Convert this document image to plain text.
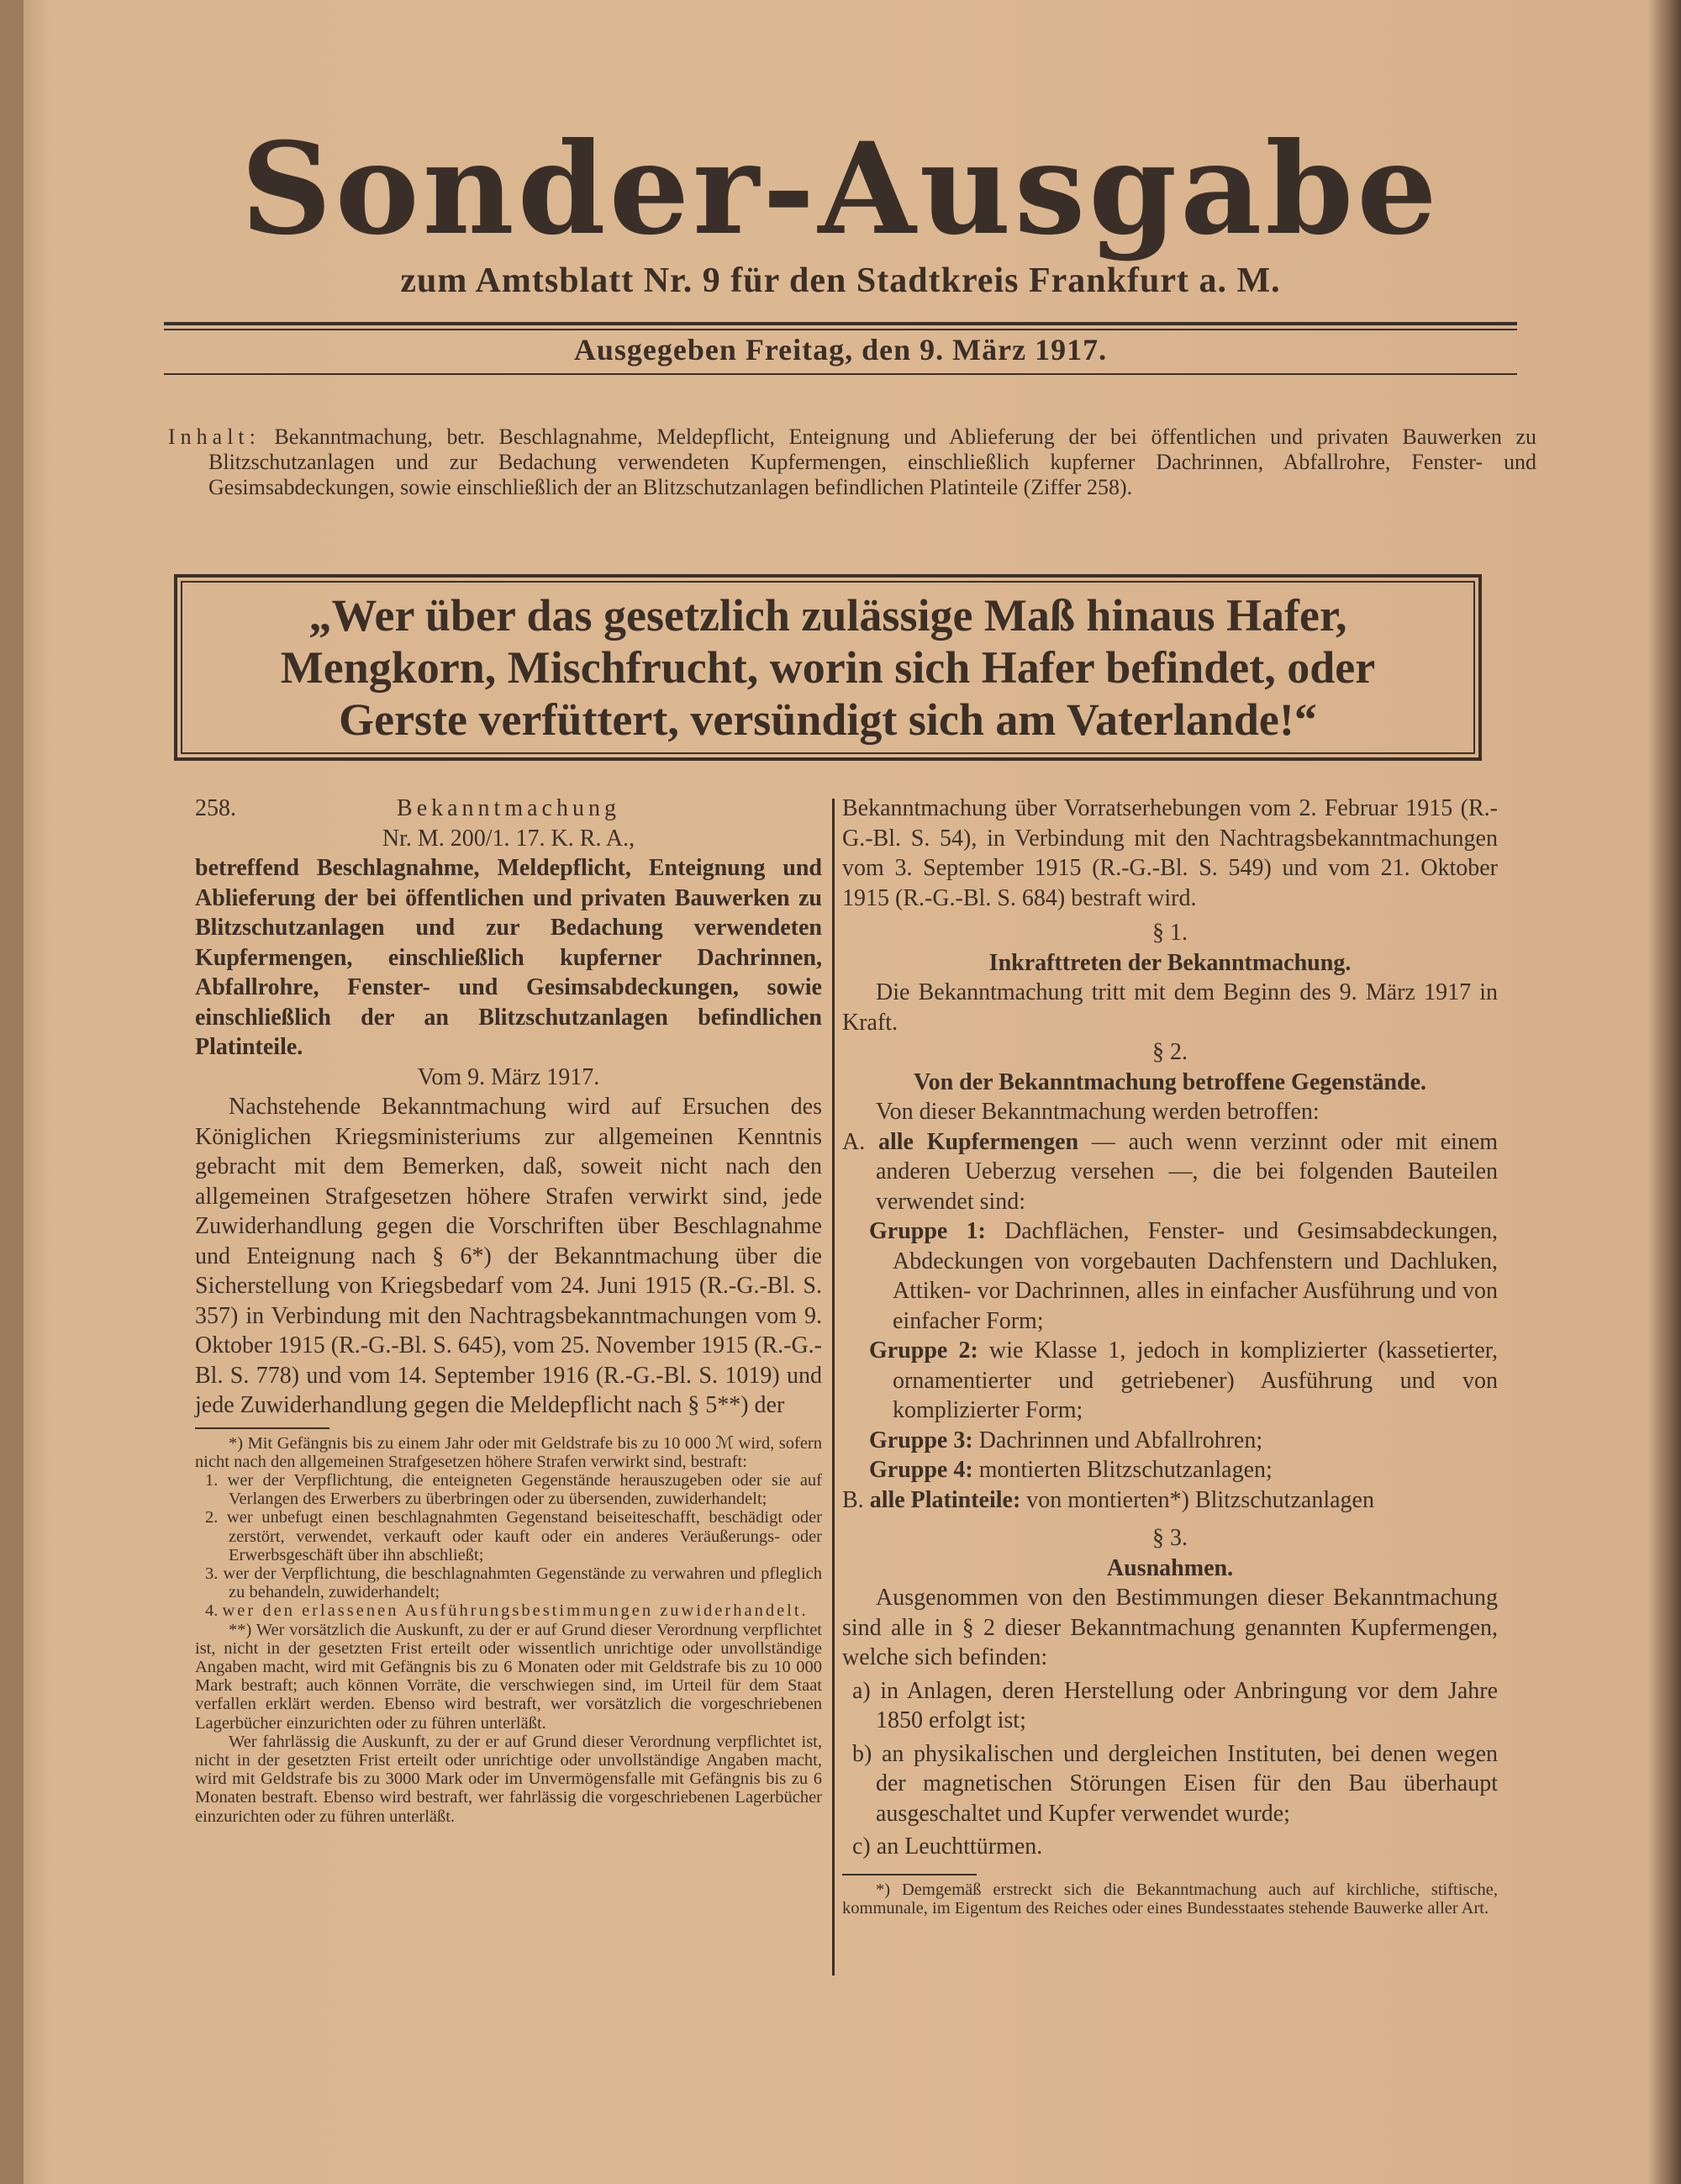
Sonder-Ausgabe
zum Amtsblatt Nr. 9 für den Stadtkreis Frankfurt a. M.
Ausgegeben Freitag, den 9. März 1917.
Inhalt: Bekanntmachung, betr. Beschlagnahme, Meldepflicht, Enteignung und Ablieferung der bei öffentlichen und privaten Bauwerken zu Blitzschutzanlagen und zur Bedachung verwendeten Kupfermengen, einschließlich kupferner Dachrinnen, Abfallrohre, Fenster- und Gesimsabdeckungen, sowie einschließlich der an Blitzschutzanlagen befindlichen Platinteile (Ziffer 258).
„Wer über das gesetzlich zulässige Maß hinaus Hafer,
Mengkorn, Mischfrucht, worin sich Hafer befindet, oder
Gerste verfüttert, versündigt sich am Vaterlande!“
258.	Bekanntmachung

Nr. M. 200/1. 17. K. R. A.,

betreffend Beschlagnahme, Meldepflicht, Enteignung und Ablieferung der bei öffentlichen und privaten Bauwerken zu Blitzschutzanlagen und zur Bedachung verwendeten Kupfermengen, einschließlich kupferner Dachrinnen, Abfallrohre, Fenster- und Gesimsabdeckungen, sowie einschließlich der an Blitzschutzanlagen befindlichen Platinteile.

Vom 9. März 1917.

Nachstehende Bekanntmachung wird auf Ersuchen des Königlichen Kriegsministeriums zur allgemeinen Kenntnis gebracht mit dem Bemerken, daß, soweit nicht nach den allgemeinen Strafgesetzen höhere Strafen verwirkt sind, jede Zuwiderhandlung gegen die Vorschriften über Beschlagnahme und Enteignung nach § 6*) der Bekanntmachung über die Sicherstellung von Kriegsbedarf vom 24. Juni 1915 (R.-G.-Bl. S. 357) in Verbindung mit den Nachtragsbekanntmachungen vom 9. Oktober 1915 (R.-G.-Bl. S. 645), vom 25. November 1915 (R.-G.-Bl. S. 778) und vom 14. September 1916 (R.-G.-Bl. S. 1019) und jede Zuwiderhandlung gegen die Meldepflicht nach § 5**) der

*) Mit Gefängnis bis zu einem Jahr oder mit Geldstrafe bis zu 10 000 ℳ wird, sofern nicht nach den allgemeinen Strafgesetzen höhere Strafen verwirkt sind, bestraft:

1. wer der Verpflichtung, die enteigneten Gegenstände herauszugeben oder sie auf Verlangen des Erwerbers zu überbringen oder zu übersenden, zuwiderhandelt;

2. wer unbefugt einen beschlagnahmten Gegenstand beiseiteschafft, beschädigt oder zerstört, verwendet, verkauft oder kauft oder ein anderes Veräußerungs- oder Erwerbsgeschäft über ihn abschließt;

3. wer der Verpflichtung, die beschlagnahmten Gegenstände zu verwahren und pfleglich zu behandeln, zuwiderhandelt;

4. wer den erlassenen Ausführungsbestimmungen zuwiderhandelt.

**) Wer vorsätzlich die Auskunft, zu der er auf Grund dieser Verordnung verpflichtet ist, nicht in der gesetzten Frist erteilt oder wissentlich unrichtige oder unvollständige Angaben macht, wird mit Gefängnis bis zu 6 Monaten oder mit Geldstrafe bis zu 10 000 Mark bestraft; auch können Vorräte, die verschwiegen sind, im Urteil für dem Staat verfallen erklärt werden. Ebenso wird bestraft, wer vorsätzlich die vorgeschriebenen Lagerbücher einzurichten oder zu führen unterläßt.

Wer fahrlässig die Auskunft, zu der er auf Grund dieser Verordnung verpflichtet ist, nicht in der gesetzten Frist erteilt oder unrichtige oder unvollständige Angaben macht, wird mit Geldstrafe bis zu 3000 Mark oder im Unvermögensfalle mit Gefängnis bis zu 6 Monaten bestraft. Ebenso wird bestraft, wer fahrlässig die vorgeschriebenen Lagerbücher einzurichten oder zu führen unterläßt.

Bekanntmachung über Vorratserhebungen vom 2. Februar 1915 (R.-G.-Bl. S. 54), in Verbindung mit den Nachtragsbekanntmachungen vom 3. September 1915 (R.-G.-Bl. S. 549) und vom 21. Oktober 1915 (R.-G.-Bl. S. 684) bestraft wird.

§ 1.

Inkrafttreten der Bekanntmachung.

Die Bekanntmachung tritt mit dem Beginn des 9. März 1917 in Kraft.

§ 2.

Von der Bekanntmachung betroffene Gegenstände.

Von dieser Bekanntmachung werden betroffen:

A. alle Kupfermengen — auch wenn verzinnt oder mit einem anderen Ueberzug versehen —, die bei folgenden Bauteilen verwendet sind:

Gruppe 1: Dachflächen, Fenster- und Gesimsabdeckungen, Abdeckungen von vorgebauten Dachfenstern und Dachluken, Attiken- vor Dachrinnen, alles in einfacher Ausführung und von einfacher Form;

Gruppe 2: wie Klasse 1, jedoch in komplizierter (kassetierter, ornamentierter und getriebener) Ausführung und von komplizierter Form;

Gruppe 3: Dachrinnen und Abfallrohren;

Gruppe 4: montierten Blitzschutzanlagen;

B. alle Platinteile: von montierten*) Blitzschutzanlagen

§ 3.

Ausnahmen.

Ausgenommen von den Bestimmungen dieser Bekanntmachung sind alle in § 2 dieser Bekanntmachung genannten Kupfermengen, welche sich befinden:

a) in Anlagen, deren Herstellung oder Anbringung vor dem Jahre 1850 erfolgt ist;

b) an physikalischen und dergleichen Instituten, bei denen wegen der magnetischen Störungen Eisen für den Bau überhaupt ausgeschaltet und Kupfer verwendet wurde;

c) an Leuchttürmen.

*) Demgemäß erstreckt sich die Bekanntmachung auch auf kirchliche, stiftische, kommunale, im Eigentum des Reiches oder eines Bundesstaates stehende Bauwerke aller Art.
